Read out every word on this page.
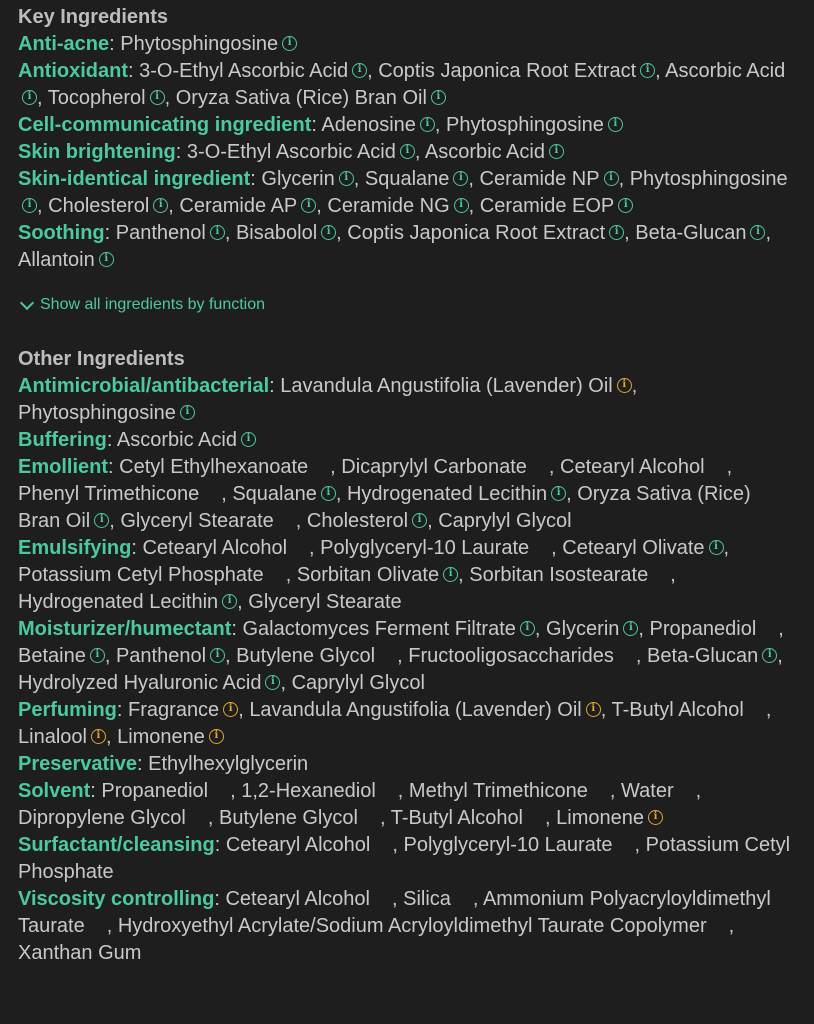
Key Ingredients
Anti-acne: Phytosphingosine i
Antioxidant: 3-O-Ethyl Ascorbic Acid i , Coptis Japonica Root Extract i , Ascorbic Acidi , Tocopherol i , Oryza Sativa (Rice) Bran Oil i
Cell-communicating ingredient: Adenosine i , Phytosphingosine i
Skin brightening: 3-O-Ethyl Ascorbic Acid i , Ascorbic Acid i
Skin-identical ingredient: Glycerin i , Squalane i , Ceramide NP i , Phytosphingosinei , Cholesterol i , Ceramide AP i , Ceramide NG i , Ceramide EOP i
Soothing: Panthenol i , Bisabolol i , Coptis Japonica Root Extract i , Beta-Glucan i , Allantoin i
Show all ingredients by function
Other Ingredients
Antimicrobial/antibacterial: Lavandula Angustifolia (Lavender) Oil i , Phytosphingosine i
Buffering: Ascorbic Acid i
Emollient: Cetyl Ethylhexanoate , Dicaprylyl Carbonate , Cetearyl Alcohol , Phenyl Trimethicone , Squalane i , Hydrogenated Lecithin i , Oryza Sativa (Rice) Bran Oil i , Glyceryl Stearate , Cholesterol i , Caprylyl Glycol
Emulsifying: Cetearyl Alcohol , Polyglyceryl-10 Laurate , Cetearyl Olivate i , Potassium Cetyl Phosphate , Sorbitan Olivate i , Sorbitan Isostearate , Hydrogenated Lecithin i , Glyceryl Stearate
Moisturizer/humectant: Galactomyces Ferment Filtrate i , Glycerin i , Propanediol , Betaine i , Panthenol i , Butylene Glycol , Fructooligosaccharides , Beta-Glucan i , Hydrolyzed Hyaluronic Acid i , Caprylyl Glycol
Perfuming: Fragrance i , Lavandula Angustifolia (Lavender) Oil i , T-Butyl Alcohol , Linalool i , Limonene i
Preservative: Ethylhexylglycerin
Solvent: Propanediol , 1,2-Hexanediol , Methyl Trimethicone , Water , Dipropylene Glycol , Butylene Glycol , T-Butyl Alcohol , Limonene i
Surfactant/cleansing: Cetearyl Alcohol , Polyglyceryl-10 Laurate , Potassium Cetyl Phosphate
Viscosity controlling: Cetearyl Alcohol , Silica , Ammonium Polyacryloyldimethyl Taurate , Hydroxyethyl Acrylate/Sodium Acryloyldimethyl Taurate Copolymer , Xanthan Gum
